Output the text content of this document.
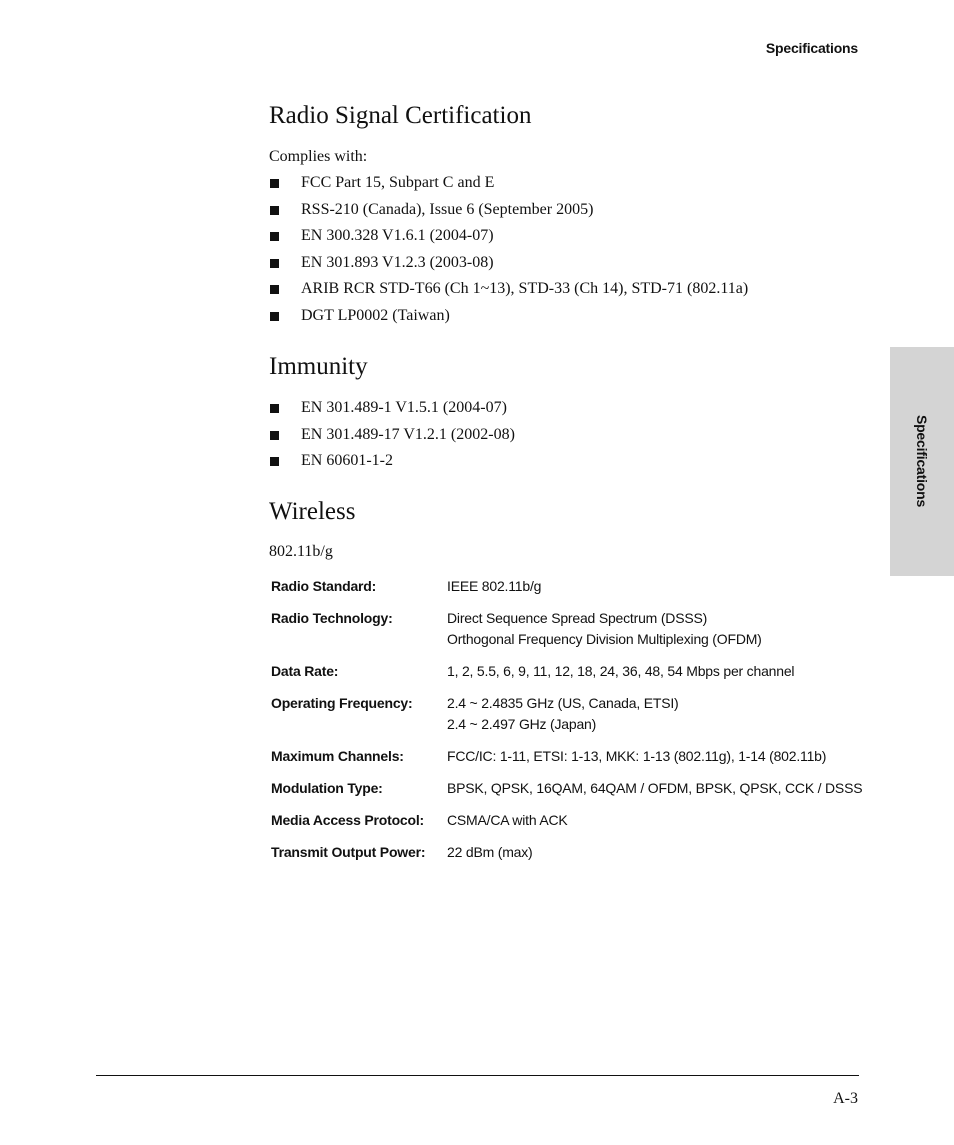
Specifications
Specifications
Radio Signal Certification

Complies with:

FCC Part 15, Subpart C and E
RSS-210 (Canada), Issue 6 (September 2005)
EN 300.328 V1.6.1 (2004-07)
EN 301.893 V1.2.3 (2003-08)
ARIB RCR STD-T66 (Ch 1~13), STD-33 (Ch 14), STD-71 (802.11a)
DGT LP0002 (Taiwan)
Immunity
EN 301.489-1 V1.5.1 (2004-07)
EN 301.489-17 V1.2.1 (2002-08)
EN 60601-1-2
Wireless

802.11b/g

Radio Standard:	IEEE 802.11b/g
Radio Technology:	Direct Sequence Spread Spectrum (DSSS)
Orthogonal Frequency Division Multiplexing (OFDM)
Data Rate:	1, 2, 5.5, 6, 9, 11, 12, 18, 24, 36, 48, 54 Mbps per channel
Operating Frequency:	2.4 ~ 2.4835 GHz (US, Canada, ETSI)
2.4 ~ 2.497 GHz (Japan)
Maximum Channels:	FCC/IC: 1-11, ETSI: 1-13, MKK: 1-13 (802.11g), 1-14 (802.11b)
Modulation Type:	BPSK, QPSK, 16QAM, 64QAM / OFDM, BPSK, QPSK, CCK / DSSS
Media Access Protocol:	CSMA/CA with ACK
Transmit Output Power:	22 dBm (max)
A-3
